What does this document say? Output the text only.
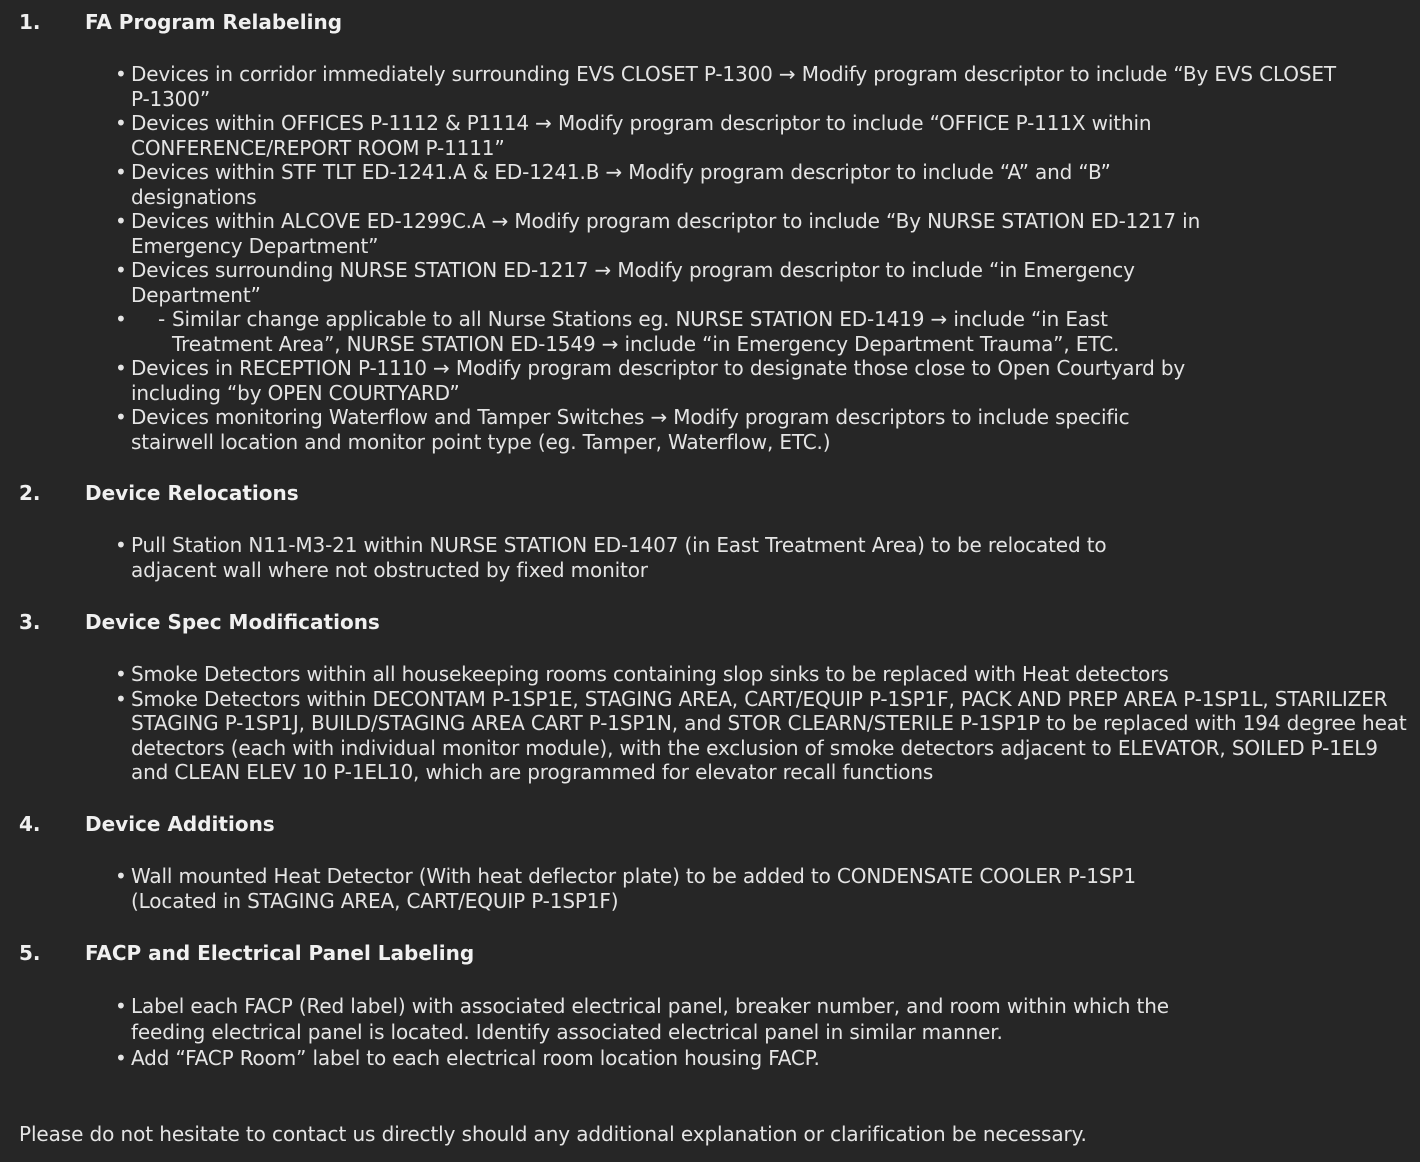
1. FA Program Relabeling
• Devices in corridor immediately surrounding EVS CLOSET P-1300 → Modify program descriptor to include “By EVS CLOSET P-1300”
• Devices within OFFICES P-1112 & P1114 → Modify program descriptor to include “OFFICE P-111X within CONFERENCE/REPORT ROOM P-1111”
• Devices within STF TLT ED-1241.A & ED-1241.B → Modify program descriptor to include “A” and “B” designations
• Devices within ALCOVE ED-1299C.A → Modify program descriptor to include “By NURSE STATION ED-1217 in Emergency Department”
• Devices surrounding NURSE STATION ED-1217 → Modify program descriptor to include “in Emergency Department”
• - Similar change applicable to all Nurse Stations eg. NURSE STATION ED-1419 → include “in East Treatment Area”, NURSE STATION ED-1549 → include “in Emergency Department Trauma”, ETC.
• Devices in RECEPTION P-1110 → Modify program descriptor to designate those close to Open Courtyard by including “by OPEN COURTYARD”
• Devices monitoring Waterflow and Tamper Switches → Modify program descriptors to include specific stairwell location and monitor point type (eg. Tamper, Waterflow, ETC.)
2. Device Relocations
• Pull Station N11-M3-21 within NURSE STATION ED-1407 (in East Treatment Area) to be relocated to adjacent wall where not obstructed by fixed monitor
3. Device Spec Modifications
• Smoke Detectors within all housekeeping rooms containing slop sinks to be replaced with Heat detectors
• Smoke Detectors within DECONTAM P-1SP1E, STAGING AREA, CART/EQUIP P-1SP1F, PACK AND PREP AREA P-1SP1L, STARILIZER STAGING P-1SP1J, BUILD/STAGING AREA CART P-1SP1N, and STOR CLEARN/STERILE P-1SP1P to be replaced with 194 degree heat detectors (each with individual monitor module), with the exclusion of smoke detectors adjacent to ELEVATOR, SOILED P-1EL9 and CLEAN ELEV 10 P-1EL10, which are programmed for elevator recall functions
4. Device Additions
• Wall mounted Heat Detector (With heat deflector plate) to be added to CONDENSATE COOLER P-1SP1 (Located in STAGING AREA, CART/EQUIP P-1SP1F)
5. FACP and Electrical Panel Labeling
• Label each FACP (Red label) with associated electrical panel, breaker number, and room within which the feeding electrical panel is located. Identify associated electrical panel in similar manner.
• Add “FACP Room” label to each electrical room location housing FACP.
Please do not hesitate to contact us directly should any additional explanation or clarification be necessary.
